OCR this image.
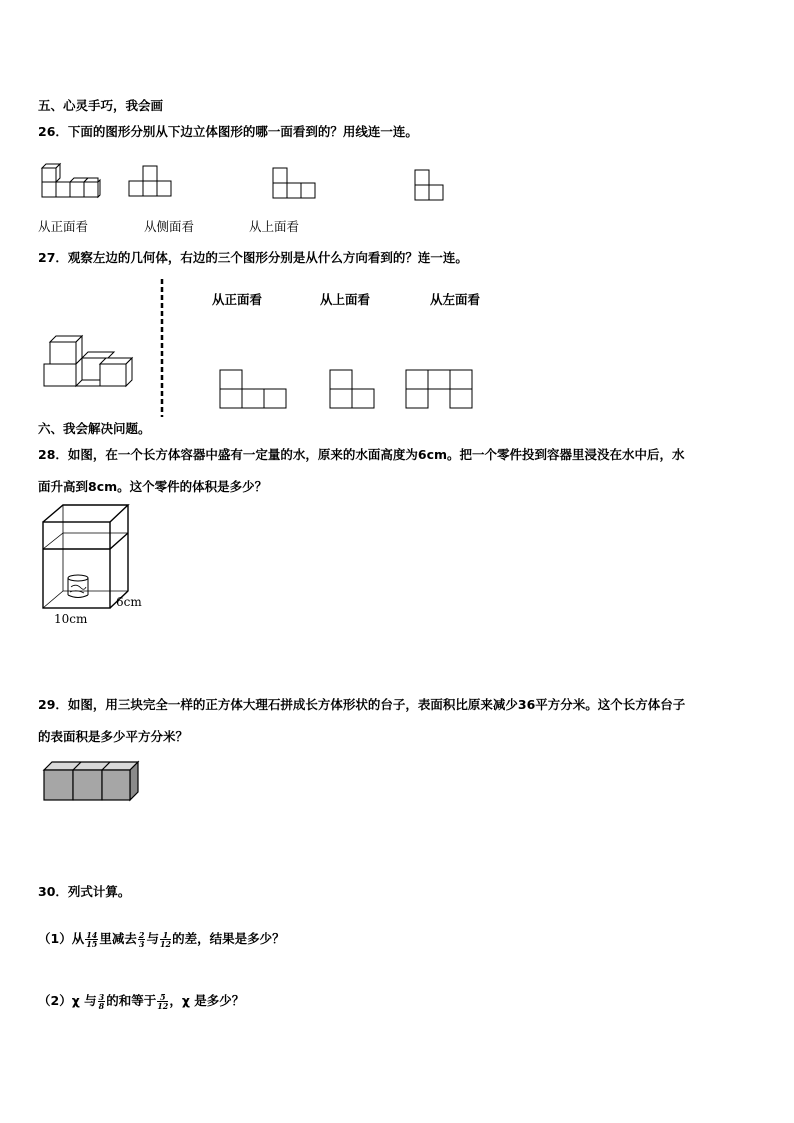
五、心灵手巧，我会画
26．下面的图形分别从下边立体图形的哪一面看到的？用线连一连。
从正面看	从侧面看	从上面看
27．观察左边的几何体，右边的三个图形分别是从什么方向看到的？连一连。
从正面看	从上面看	从左面看
六、我会解决问题。
28．如图，在一个长方体容器中盛有一定量的水，原来的水面高度为6cm。把一个零件投到容器里浸没在水中后，水
面升高到8cm。这个零件的体积是多少？
6cm
10cm
29．如图，用三块完全一样的正方体大理石拼成长方体形状的台子，表面积比原来减少36平方分米。这个长方体台子
的表面积是多少平方分米？
30．列式计算。
（1）从 $\frac{14}{15}$ 里减去 $\frac{2}{3}$ 与 $\frac{1}{12}$ 的差，结果是多少？
（2）χ 与 $\frac{3}{8}$ 的和等于 $\frac{5}{12}$ ，χ 是多少？
